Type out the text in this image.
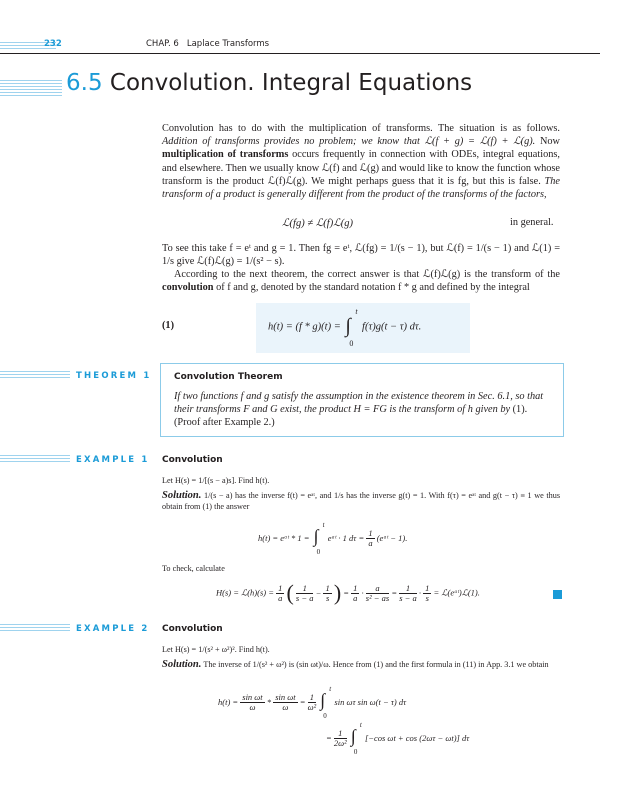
232	CHAP. 6   Laplace Transforms
6.5 Convolution. Integral Equations
Convolution has to do with the multiplication of transforms. The situation is as follows. Addition of transforms provides no problem; we know that ℒ(f + g) = ℒ(f) + ℒ(g). Now multiplication of transforms occurs frequently in connection with ODEs, integral equations, and elsewhere. Then we usually know ℒ(f) and ℒ(g) and would like to know the function whose transform is the product ℒ(f)ℒ(g). We might perhaps guess that it is fg, but this is false. The transform of a product is generally different from the product of the transforms of the factors,
ℒ(fg) ≠ ℒ(f)ℒ(g)	in general.
To see this take f = eᵗ and g = 1. Then fg = eᵗ, ℒ(fg) = 1/(s − 1), but ℒ(f) = 1/(s − 1) and ℒ(1) = 1/s give ℒ(f)ℒ(g) = 1/(s² − s).
According to the next theorem, the correct answer is that ℒ(f)ℒ(g) is the transform of the convolution of f and g, denoted by the standard notation f * g and defined by the integral
(1)	h(t) = (f * g)(t) = ∫
t
0
f(τ)g(t − τ) dτ.
THEOREM 1	Convolution Theorem
If two functions f and g satisfy the assumption in the existence theorem in Sec. 6.1, so that their transforms F and G exist, the product H = FG is the transform of h given by (1). (Proof after Example 2.)
EXAMPLE 1 Convolution
Let H(s) = 1/[(s − a)s]. Find h(t).
Solution. 1/(s − a) has the inverse f(t) = eᵃᵗ, and 1/s has the inverse g(t) = 1. With f(τ) = eᵃᵗ and g(t − τ) ≡ 1 we thus obtain from (1) the answer
h(t) = eᵃᵗ * 1 = ∫
t
0
eᵃᵗ · 1 $d\tau = \frac{1}{a}$ (eᵃᵗ − 1).
To check, calculate
H(s) = ℒ(h)(s) = $\frac{1}{a}$ ( $\frac{1}{s - a} - \frac{1}{s}$ ) = $\frac{1}{a} \cdot \frac{a}{\text{s² − as}} = \frac{1}{s - a} \cdot \frac{1}{s}$ = ℒ(eᵃᵗ)ℒ(1).
EXAMPLE 2 Convolution
Let H(s) = 1/(s² + ω²)². Find h(t).
Solution. The inverse of 1/(s² + ω²) is (sin ωt)/ω. Hence from (1) and the first formula in (11) in App. 3.1 we obtain
$h(t) = \frac{\text{sin ωt}}{\omega} * \frac{\text{sin ωt}}{\omega} = \frac{1}{\text{ω²}}$
∫
t
0
sin ωτ sin ω(t − τ) dτ
= $\frac{1}{\text{2ω²}}$
∫
t
0
[−cos ωt + cos (2ωτ − ωt)] dτ
